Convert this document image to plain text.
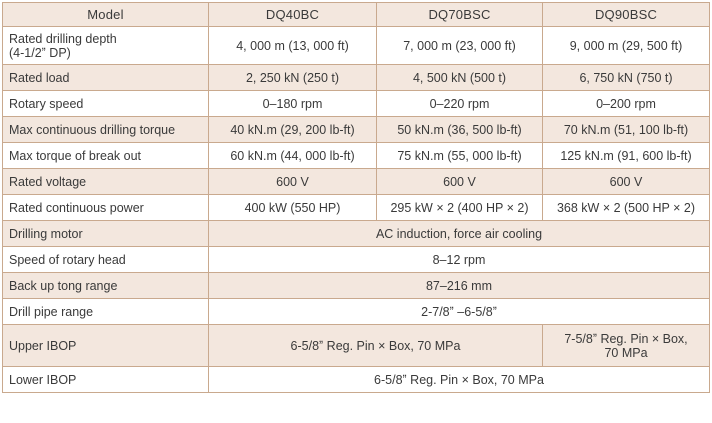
Model	DQ40BC	DQ70BSC	DQ90BSC
Rated drilling depth
(4-1/2ˮ DP)	4, 000 m (13, 000 ft)	7, 000 m (23, 000 ft)	9, 000 m (29, 500 ft)
Rated load	2, 250 kN (250 t)	4, 500 kN (500 t)	6, 750 kN (750 t)
Rotary speed	0–180 rpm	0–220 rpm	0–200 rpm
Max continuous drilling torque	40 kN.m (29, 200 lb-ft)	50 kN.m (36, 500 lb-ft)	70 kN.m (51, 100 lb-ft)
Max torque of break out	60 kN.m (44, 000 lb-ft)	75 kN.m (55, 000 lb-ft)	125 kN.m (91, 600 lb-ft)
Rated voltage	600 V	600 V	600 V
Rated continuous power	400 kW (550 HP)	295 kW × 2 (400 HP × 2)	368 kW × 2 (500 HP × 2)
Drilling motor	AC induction, force air cooling		
Speed of rotary head	8–12 rpm		
Back up tong range	87–216 mm		
Drill pipe range	2-7/8ˮ –6-5/8ˮ		
Upper IBOP	6-5/8ˮ Reg. Pin × Box, 70 MPa		7-5/8ˮ Reg. Pin × Box,
70 MPa
Lower IBOP	6-5/8ˮ Reg. Pin × Box, 70 MPa		
